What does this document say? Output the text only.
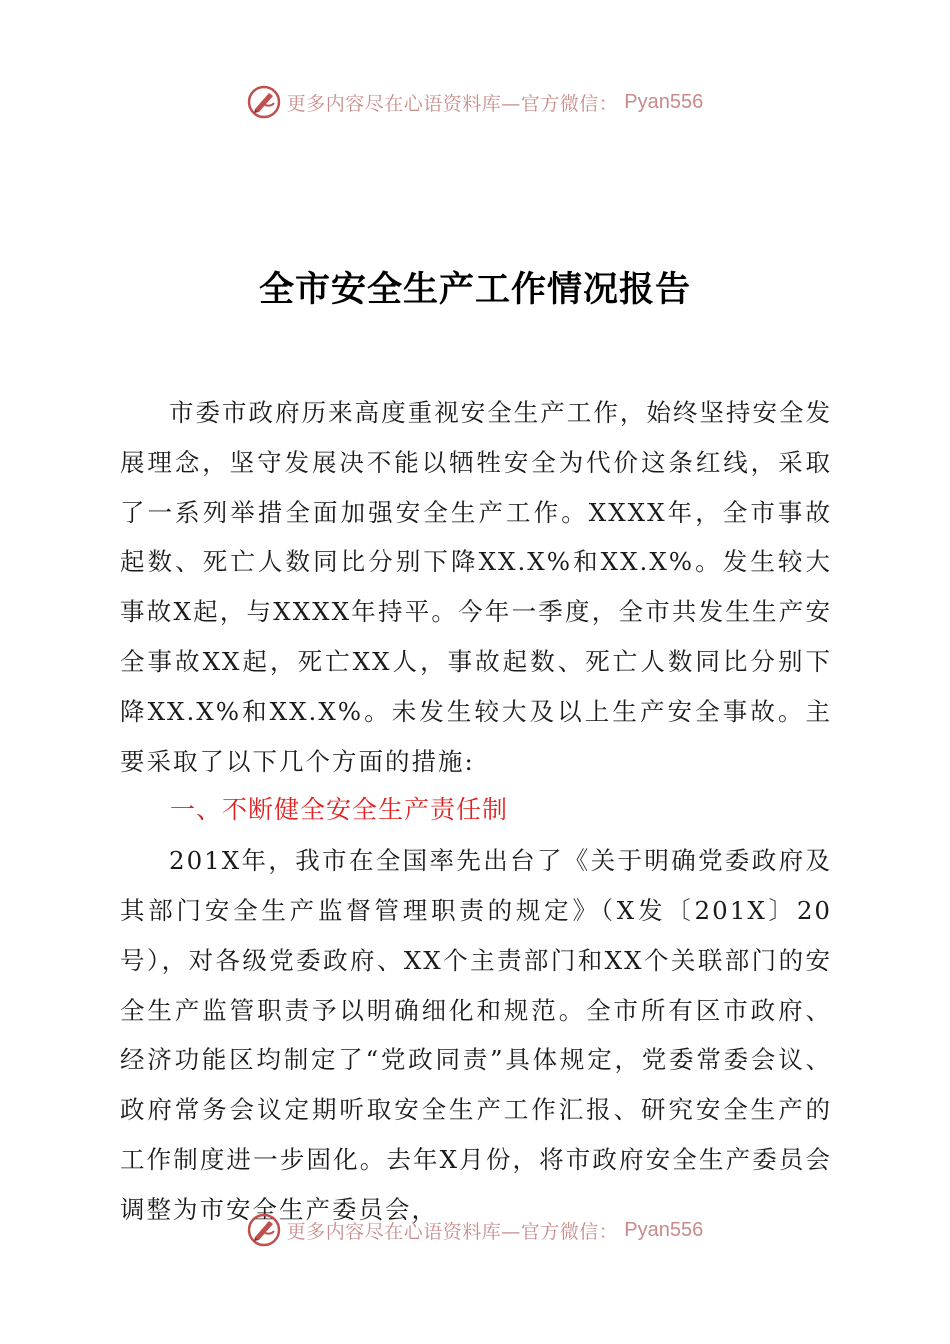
更多内容尽在心语资料库—官方微信： Pyan556
全市安全生产工作情况报告

市委市政府历来高度重视安全生产工作，始终坚持安全发展理念，坚守发展决不能以牺牲安全为代价这条红线，采取了一系列举措全面加强安全生产工作。XXXX年，全市事故起数、死亡人数同比分别下降XX.X%和XX.X%。发生较大事故X起，与XXXX年持平。今年一季度，全市共发生生产安全事故XX起，死亡XX人，事故起数、死亡人数同比分别下降XX.X%和XX.X%。未发生较大及以上生产安全事故。主要采取了以下几个方面的措施:

一、不断健全安全生产责任制

201X年，我市在全国率先出台了《关于明确党委政府及其部门安全生产监督管理职责的规定》（X发〔201X〕20号），对各级党委政府、XX个主责部门和XX个关联部门的安全生产监管职责予以明确细化和规范。全市所有区市政府、经济功能区均制定了“党政同责”具体规定，党委常委会议、政府常务会议定期听取安全生产工作汇报、研究安全生产的工作制度进一步固化。去年X月份，将市政府安全生产委员会调整为市安全生产委员会，

更多内容尽在心语资料库—官方微信： Pyan556
